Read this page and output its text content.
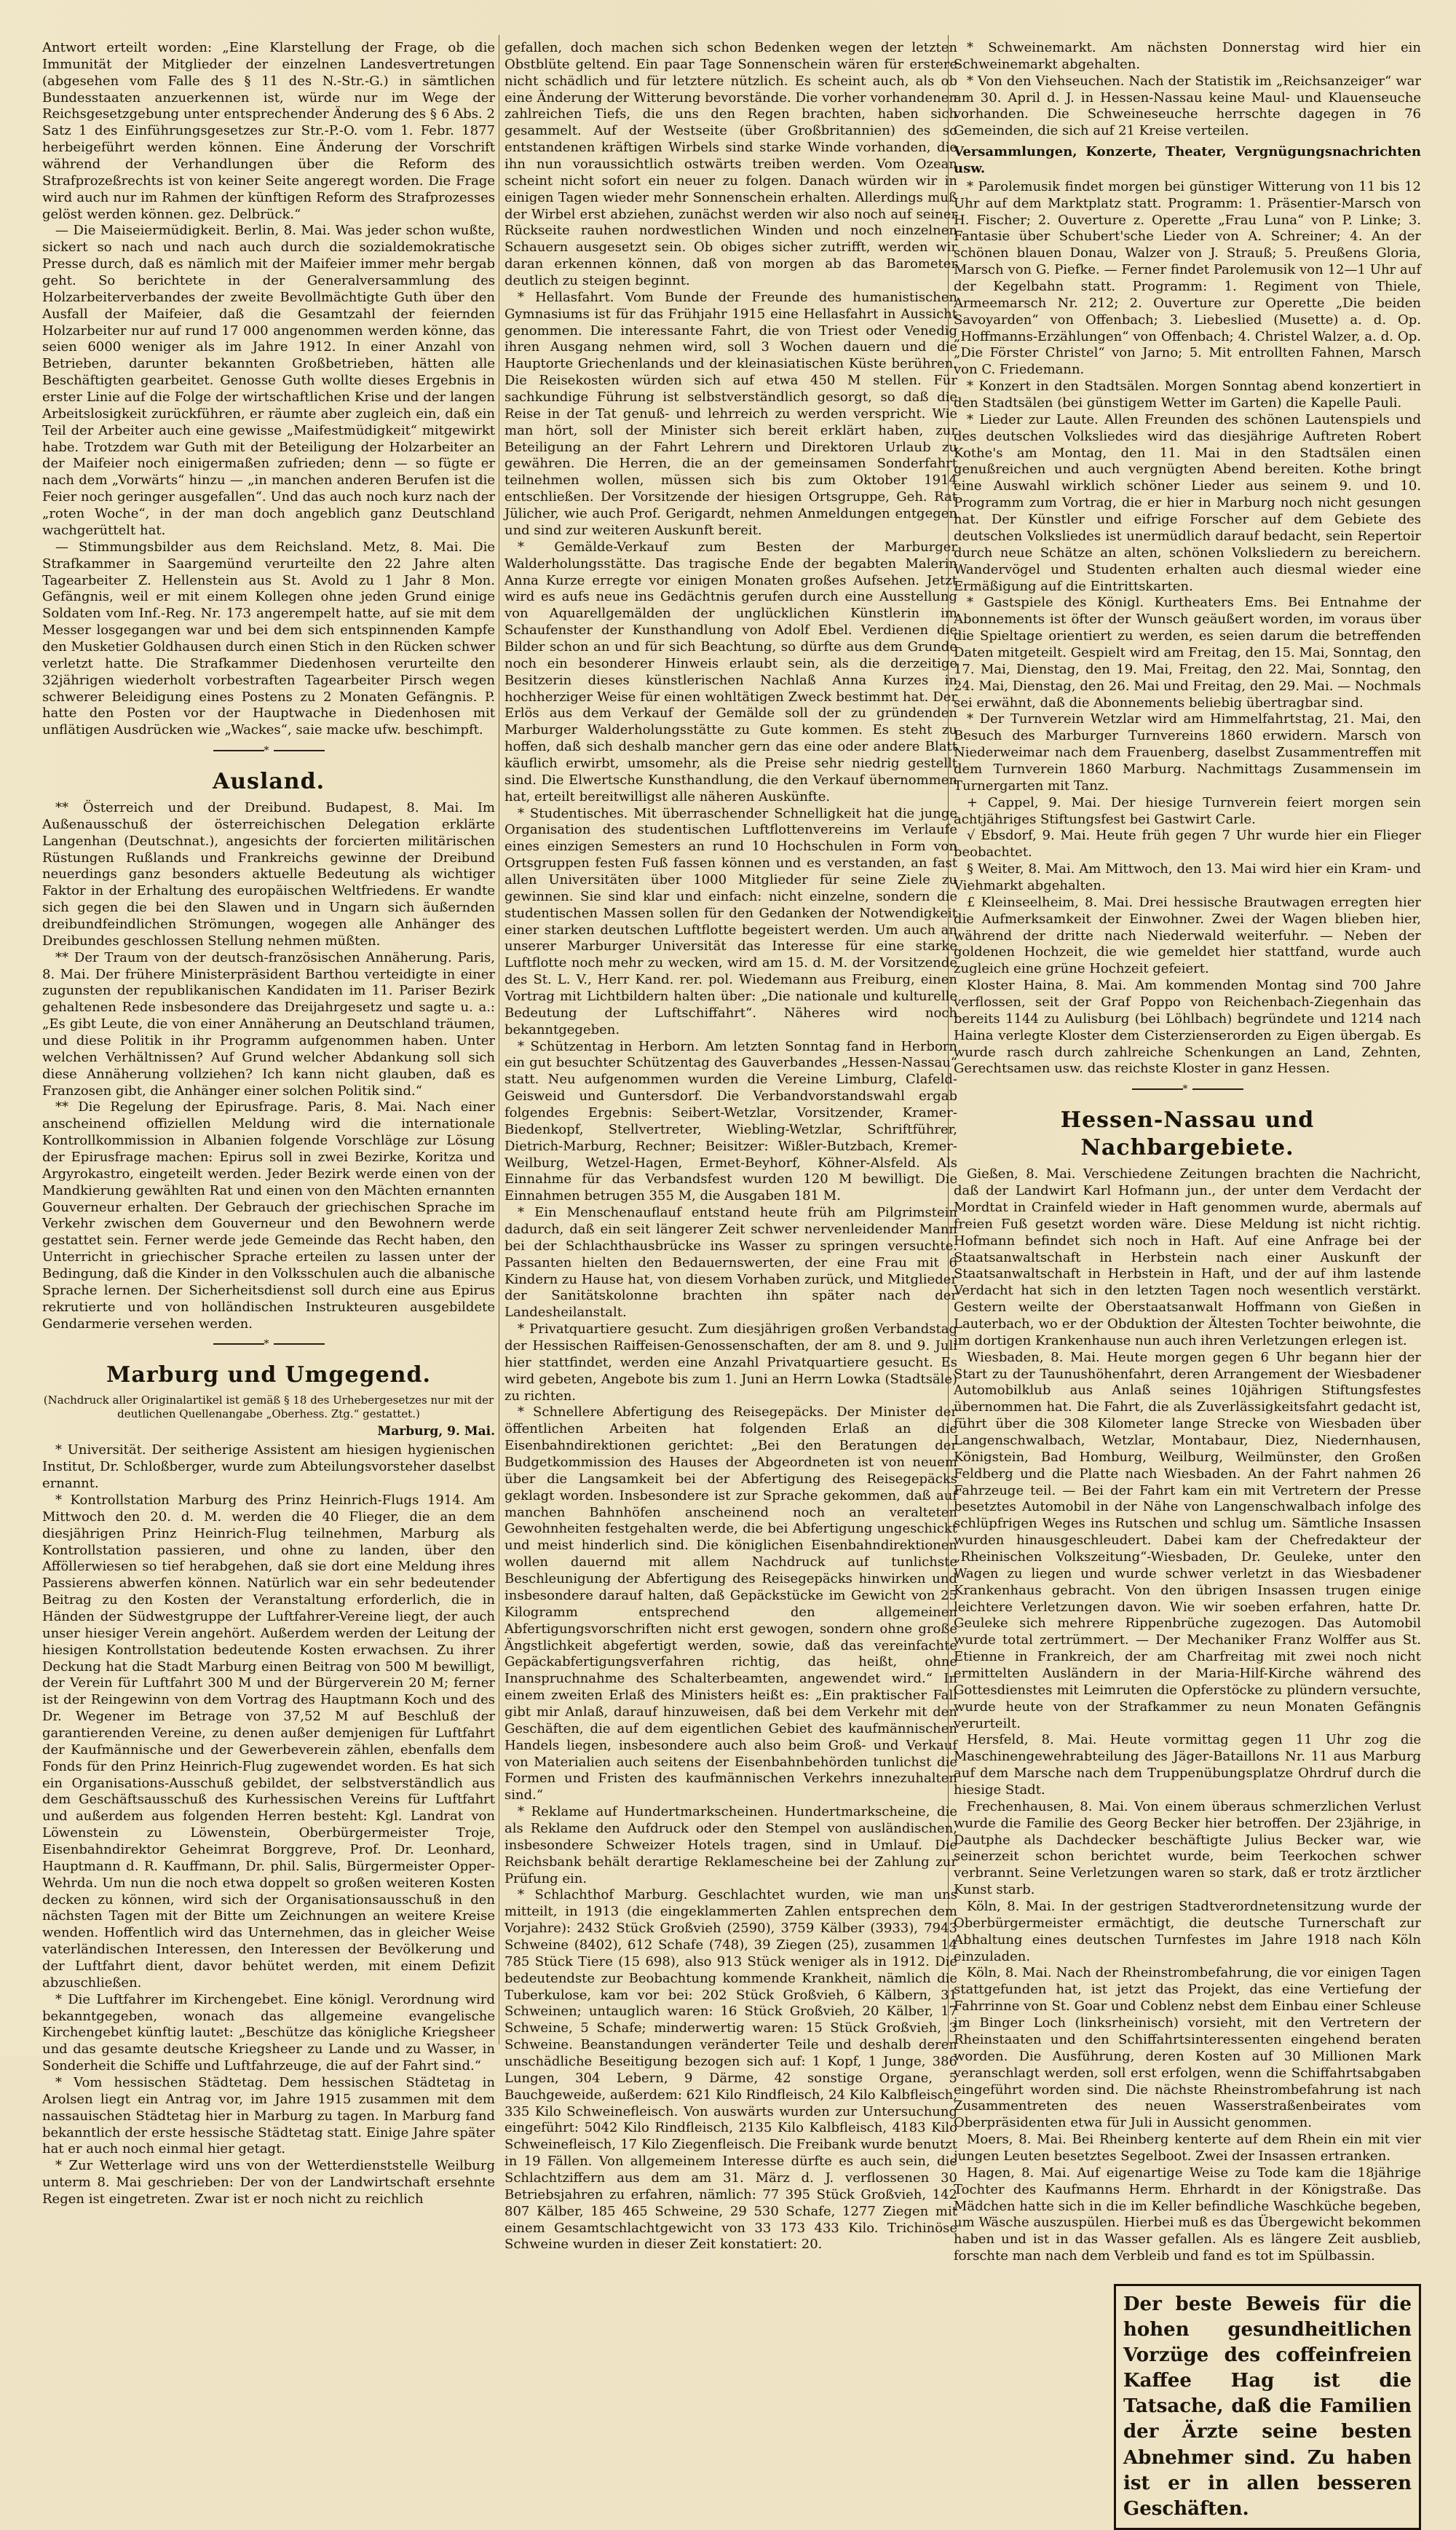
Antwort erteilt worden: „Eine Klarstellung der Frage, ob die Immunität der Mitglieder der einzelnen Landesvertretungen (abgesehen vom Falle des § 11 des N.-Str.-G.) in sämtlichen Bundesstaaten anzuerkennen ist, würde nur im Wege der Reichsgesetzgebung unter entsprechender Änderung des § 6 Abs. 2 Satz 1 des Einführungsgesetzes zur Str.-P.-O. vom 1. Febr. 1877 herbeigeführt werden können. Eine Änderung der Vorschrift während der Verhandlungen über die Reform des Strafprozeßrechts ist von keiner Seite angeregt worden. Die Frage wird auch nur im Rahmen der künftigen Reform des Strafprozesses gelöst werden können. gez. Delbrück.“

— Die Maiseiermüdigkeit. Berlin, 8. Mai. Was jeder schon wußte, sickert so nach und nach auch durch die sozialdemokratische Presse durch, daß es nämlich mit der Maifeier immer mehr bergab geht. So berichtete in der Generalversammlung des Holzarbeiterverbandes der zweite Bevollmächtigte Guth über den Ausfall der Maifeier, daß die Gesamtzahl der feiernden Holzarbeiter nur auf rund 17 000 angenommen werden könne, das seien 6000 weniger als im Jahre 1912. In einer Anzahl von Betrieben, darunter bekannten Großbetrieben, hätten alle Beschäftigten gearbeitet. Genosse Guth wollte dieses Ergebnis in erster Linie auf die Folge der wirtschaftlichen Krise und der langen Arbeitslosigkeit zurückführen, er räumte aber zugleich ein, daß ein Teil der Arbeiter auch eine gewisse „Maifestmüdigkeit“ mitgewirkt habe. Trotzdem war Guth mit der Beteiligung der Holzarbeiter an der Maifeier noch einigermaßen zufrieden; denn — so fügte er nach dem „Vorwärts“ hinzu — „in manchen anderen Berufen ist die Feier noch geringer ausgefallen“. Und das auch noch kurz nach der „roten Woche“, in der man doch angeblich ganz Deutschland wachgerüttelt hat.

— Stimmungsbilder aus dem Reichsland. Metz, 8. Mai. Die Strafkammer in Saargemünd verurteilte den 22 Jahre alten Tagearbeiter Z. Hellenstein aus St. Avold zu 1 Jahr 8 Mon. Gefängnis, weil er mit einem Kollegen ohne jeden Grund einige Soldaten vom Inf.-Reg. Nr. 173 angerempelt hatte, auf sie mit dem Messer losgegangen war und bei dem sich entspinnenden Kampfe den Musketier Goldhausen durch einen Stich in den Rücken schwer verletzt hatte. Die Strafkammer Diedenhosen verurteilte den 32jährigen wiederholt vorbestraften Tagearbeiter Pirsch wegen schwerer Beleidigung eines Postens zu 2 Monaten Gefängnis. P. hatte den Posten vor der Hauptwache in Diedenhosen mit unflätigen Ausdrücken wie „Wackes“, saie macke ufw. beschimpft.

*
Ausland.

** Österreich und der Dreibund. Budapest, 8. Mai. Im Außenausschuß der österreichischen Delegation erklärte Langenhan (Deutschnat.), angesichts der forcierten militärischen Rüstungen Rußlands und Frankreichs gewinne der Dreibund neuerdings ganz besonders aktuelle Bedeutung als wichtiger Faktor in der Erhaltung des europäischen Weltfriedens. Er wandte sich gegen die bei den Slawen und in Ungarn sich äußernden dreibundfeindlichen Strömungen, wogegen alle Anhänger des Dreibundes geschlossen Stellung nehmen müßten.

** Der Traum von der deutsch-französischen Annäherung. Paris, 8. Mai. Der frühere Ministerpräsident Barthou verteidigte in einer zugunsten der republikanischen Kandidaten im 11. Pariser Bezirk gehaltenen Rede insbesondere das Dreijahrgesetz und sagte u. a.: „Es gibt Leute, die von einer Annäherung an Deutschland träumen, und diese Politik in ihr Programm aufgenommen haben. Unter welchen Verhältnissen? Auf Grund welcher Abdankung soll sich diese Annäherung vollziehen? Ich kann nicht glauben, daß es Franzosen gibt, die Anhänger einer solchen Politik sind.“

** Die Regelung der Epirusfrage. Paris, 8. Mai. Nach einer anscheinend offiziellen Meldung wird die internationale Kontrollkommission in Albanien folgende Vorschläge zur Lösung der Epirusfrage machen: Epirus soll in zwei Bezirke, Koritza und Argyrokastro, eingeteilt werden. Jeder Bezirk werde einen von der Mandkierung gewählten Rat und einen von den Mächten ernannten Gouverneur erhalten. Der Gebrauch der griechischen Sprache im Verkehr zwischen dem Gouverneur und den Bewohnern werde gestattet sein. Ferner werde jede Gemeinde das Recht haben, den Unterricht in griechischer Sprache erteilen zu lassen unter der Bedingung, daß die Kinder in den Volksschulen auch die albanische Sprache lernen. Der Sicherheitsdienst soll durch eine aus Epirus rekrutierte und von holländischen Instrukteuren ausgebildete Gendarmerie versehen werden.

*
Marburg und Umgegend.
(Nachdruck aller Originalartikel ist gemäß § 18 des Urhebergesetzes nur mit der deutlichen Quellenangabe „Oberhess. Ztg.“ gestattet.)
Marburg, 9. Mai.

* Universität. Der seitherige Assistent am hiesigen hygienischen Institut, Dr. Schloßberger, wurde zum Abteilungsvorsteher daselbst ernannt.

* Kontrollstation Marburg des Prinz Heinrich-Flugs 1914. Am Mittwoch den 20. d. M. werden die 40 Flieger, die an dem diesjährigen Prinz Heinrich-Flug teilnehmen, Marburg als Kontrollstation passieren, und ohne zu landen, über den Afföllerwiesen so tief herabgehen, daß sie dort eine Meldung ihres Passierens abwerfen können. Natürlich war ein sehr bedeutender Beitrag zu den Kosten der Veranstaltung erforderlich, die in Händen der Südwestgruppe der Luftfahrer-Vereine liegt, der auch unser hiesiger Verein angehört. Außerdem werden der Leitung der hiesigen Kontrollstation bedeutende Kosten erwachsen. Zu ihrer Deckung hat die Stadt Marburg einen Beitrag von 500 M bewilligt, der Verein für Luftfahrt 300 M und der Bürgerverein 20 M; ferner ist der Reingewinn von dem Vortrag des Hauptmann Koch und des Dr. Wegener im Betrage von 37,52 M auf Beschluß der garantierenden Vereine, zu denen außer demjenigen für Luftfahrt der Kaufmännische und der Gewerbeverein zählen, ebenfalls dem Fonds für den Prinz Heinrich-Flug zugewendet worden. Es hat sich ein Organisations-Ausschuß gebildet, der selbstverständlich aus dem Geschäftsausschuß des Kurhessischen Vereins für Luftfahrt und außerdem aus folgenden Herren besteht: Kgl. Landrat von Löwenstein zu Löwenstein, Oberbürgermeister Troje, Eisenbahndirektor Geheimrat Borggreve, Prof. Dr. Leonhard, Hauptmann d. R. Kauffmann, Dr. phil. Salis, Bürgermeister Opper-Wehrda. Um nun die noch etwa doppelt so großen weiteren Kosten decken zu können, wird sich der Organisationsausschuß in den nächsten Tagen mit der Bitte um Zeichnungen an weitere Kreise wenden. Hoffentlich wird das Unternehmen, das in gleicher Weise vaterländischen Interessen, den Interessen der Bevölkerung und der Luftfahrt dient, davor behütet werden, mit einem Defizit abzuschließen.

* Die Luftfahrer im Kirchengebet. Eine königl. Verordnung wird bekanntgegeben, wonach das allgemeine evangelische Kirchengebet künftig lautet: „Beschütze das königliche Kriegsheer und das gesamte deutsche Kriegsheer zu Lande und zu Wasser, in Sonderheit die Schiffe und Luftfahrzeuge, die auf der Fahrt sind.“

* Vom hessischen Städtetag. Dem hessischen Städtetag in Arolsen liegt ein Antrag vor, im Jahre 1915 zusammen mit dem nassauischen Städtetag hier in Marburg zu tagen. In Marburg fand bekanntlich der erste hessische Städtetag statt. Einige Jahre später hat er auch noch einmal hier getagt.

* Zur Wetterlage wird uns von der Wetterdienststelle Weilburg unterm 8. Mai geschrieben: Der von der Landwirtschaft ersehnte Regen ist eingetreten. Zwar ist er noch nicht zu reichlich

gefallen, doch machen sich schon Bedenken wegen der letzten Obstblüte geltend. Ein paar Tage Sonnenschein wären für erstere nicht schädlich und für letztere nützlich. Es scheint auch, als ob eine Änderung der Witterung bevorstände. Die vorher vorhandenen zahlreichen Tiefs, die uns den Regen brachten, haben sich gesammelt. Auf der Westseite (über Großbritannien) des so entstandenen kräftigen Wirbels sind starke Winde vorhanden, die ihn nun voraussichtlich ostwärts treiben werden. Vom Ozean scheint nicht sofort ein neuer zu folgen. Danach würden wir in einigen Tagen wieder mehr Sonnenschein erhalten. Allerdings muß der Wirbel erst abziehen, zunächst werden wir also noch auf seiner Rückseite rauhen nordwestlichen Winden und noch einzelnen Schauern ausgesetzt sein. Ob obiges sicher zutrifft, werden wir daran erkennen können, daß von morgen ab das Barometer deutlich zu steigen beginnt.

* Hellasfahrt. Vom Bunde der Freunde des humanistischen Gymnasiums ist für das Frühjahr 1915 eine Hellasfahrt in Aussicht genommen. Die interessante Fahrt, die von Triest oder Venedig ihren Ausgang nehmen wird, soll 3 Wochen dauern und die Hauptorte Griechenlands und der kleinasiatischen Küste berühren. Die Reisekosten würden sich auf etwa 450 M stellen. Für sachkundige Führung ist selbstverständlich gesorgt, so daß die Reise in der Tat genuß- und lehrreich zu werden verspricht. Wie man hört, soll der Minister sich bereit erklärt haben, zur Beteiligung an der Fahrt Lehrern und Direktoren Urlaub zu gewähren. Die Herren, die an der gemeinsamen Sonderfahrt teilnehmen wollen, müssen sich bis zum Oktober 1914 entschließen. Der Vorsitzende der hiesigen Ortsgruppe, Geh. Rat Jülicher, wie auch Prof. Gerigardt, nehmen Anmeldungen entgegen und sind zur weiteren Auskunft bereit.

* Gemälde-Verkauf zum Besten der Marburger Walderholungsstätte. Das tragische Ende der begabten Malerin Anna Kurze erregte vor einigen Monaten großes Aufsehen. Jetzt wird es aufs neue ins Gedächtnis gerufen durch eine Ausstellung von Aquarellgemälden der unglücklichen Künstlerin im Schaufenster der Kunsthandlung von Adolf Ebel. Verdienen die Bilder schon an und für sich Beachtung, so dürfte aus dem Grunde noch ein besonderer Hinweis erlaubt sein, als die derzeitige Besitzerin dieses künstlerischen Nachlaß Anna Kurzes in hochherziger Weise für einen wohltätigen Zweck bestimmt hat. Der Erlös aus dem Verkauf der Gemälde soll der zu gründenden Marburger Walderholungsstätte zu Gute kommen. Es steht zu hoffen, daß sich deshalb mancher gern das eine oder andere Blatt käuflich erwirbt, umsomehr, als die Preise sehr niedrig gestellt sind. Die Elwertsche Kunsthandlung, die den Verkauf übernommen hat, erteilt bereitwilligst alle näheren Auskünfte.

* Studentisches. Mit überraschender Schnelligkeit hat die junge Organisation des studentischen Luftflottenvereins im Verlaufe eines einzigen Semesters an rund 10 Hochschulen in Form von Ortsgruppen festen Fuß fassen können und es verstanden, an fast allen Universitäten über 1000 Mitglieder für seine Ziele zu gewinnen. Sie sind klar und einfach: nicht einzelne, sondern die studentischen Massen sollen für den Gedanken der Notwendigkeit einer starken deutschen Luftflotte begeistert werden. Um auch an unserer Marburger Universität das Interesse für eine starke Luftflotte noch mehr zu wecken, wird am 15. d. M. der Vorsitzende des St. L. V., Herr Kand. rer. pol. Wiedemann aus Freiburg, einen Vortrag mit Lichtbildern halten über: „Die nationale und kulturelle Bedeutung der Luftschiffahrt“. Näheres wird noch bekanntgegeben.

* Schützentag in Herborn. Am letzten Sonntag fand in Herborn ein gut besuchter Schützentag des Gauverbandes „Hessen-Nassau“ statt. Neu aufgenommen wurden die Vereine Limburg, Clafeld-Geisweid und Guntersdorf. Die Verbandvorstandswahl ergab folgendes Ergebnis: Seibert-Wetzlar, Vorsitzender, Kramer-Biedenkopf, Stellvertreter, Wiebling-Wetzlar, Schriftführer, Dietrich-Marburg, Rechner; Beisitzer: Wißler-Butzbach, Kremer-Weilburg, Wetzel-Hagen, Ermet-Beyhorf, Köhner-Alsfeld. Als Einnahme für das Verbandsfest wurden 120 M bewilligt. Die Einnahmen betrugen 355 M, die Ausgaben 181 M.

* Ein Menschenauflauf entstand heute früh am Pilgrimstein dadurch, daß ein seit längerer Zeit schwer nervenleidender Mann bei der Schlachthausbrücke ins Wasser zu springen versuchte. Passanten hielten den Bedauernswerten, der eine Frau mit 6 Kindern zu Hause hat, von diesem Vorhaben zurück, und Mitglieder der Sanitätskolonne brachten ihn später nach der Landesheilanstalt.

* Privatquartiere gesucht. Zum diesjährigen großen Verbandstag der Hessischen Raiffeisen-Genossenschaften, der am 8. und 9. Juli hier stattfindet, werden eine Anzahl Privatquartiere gesucht. Es wird gebeten, Angebote bis zum 1. Juni an Herrn Lowka (Stadtsäle) zu richten.

* Schnellere Abfertigung des Reisegepäcks. Der Minister der öffentlichen Arbeiten hat folgenden Erlaß an die Eisenbahndirektionen gerichtet: „Bei den Beratungen der Budgetkommission des Hauses der Abgeordneten ist von neuem über die Langsamkeit bei der Abfertigung des Reisegepäcks geklagt worden. Insbesondere ist zur Sprache gekommen, daß auf manchen Bahnhöfen anscheinend noch an veralteten Gewohnheiten festgehalten werde, die bei Abfertigung ungeschickt und meist hinderlich sind. Die königlichen Eisenbahndirektionen wollen dauernd mit allem Nachdruck auf tunlichste Beschleunigung der Abfertigung des Reisegepäcks hinwirken und insbesondere darauf halten, daß Gepäckstücke im Gewicht von 25 Kilogramm entsprechend den allgemeinen Abfertigungsvorschriften nicht erst gewogen, sondern ohne große Ängstlichkeit abgefertigt werden, sowie, daß das vereinfachte Gepäckabfertigungsverfahren richtig, das heißt, ohne Inanspruchnahme des Schalterbeamten, angewendet wird.“ In einem zweiten Erlaß des Ministers heißt es: „Ein praktischer Fall gibt mir Anlaß, darauf hinzuweisen, daß bei dem Verkehr mit den Geschäften, die auf dem eigentlichen Gebiet des kaufmännischen Handels liegen, insbesondere auch also beim Groß- und Verkauf von Materialien auch seitens der Eisenbahnbehörden tunlichst die Formen und Fristen des kaufmännischen Verkehrs innezuhalten sind.“

* Reklame auf Hundertmarkscheinen. Hundertmarkscheine, die als Reklame den Aufdruck oder den Stempel von ausländischen, insbesondere Schweizer Hotels tragen, sind in Umlauf. Die Reichsbank behält derartige Reklamescheine bei der Zahlung zur Prüfung ein.

* Schlachthof Marburg. Geschlachtet wurden, wie man uns mitteilt, in 1913 (die eingeklammerten Zahlen entsprechen dem Vorjahre): 2432 Stück Großvieh (2590), 3759 Kälber (3933), 7943 Schweine (8402), 612 Schafe (748), 39 Ziegen (25), zusammen 14 785 Stück Tiere (15 698), also 913 Stück weniger als in 1912. Die bedeutendste zur Beobachtung kommende Krankheit, nämlich die Tuberkulose, kam vor bei: 202 Stück Großvieh, 6 Kälbern, 31 Schweinen; untauglich waren: 16 Stück Großvieh, 20 Kälber, 17 Schweine, 5 Schafe; minderwertig waren: 15 Stück Großvieh, 3 Schweine. Beanstandungen veränderter Teile und deshalb deren unschädliche Beseitigung bezogen sich auf: 1 Kopf, 1 Junge, 386 Lungen, 304 Lebern, 9 Därme, 42 sonstige Organe, 5 Bauchgeweide, außerdem: 621 Kilo Rindfleisch, 24 Kilo Kalbfleisch, 335 Kilo Schweinefleisch. Von auswärts wurden zur Untersuchung eingeführt: 5042 Kilo Rindfleisch, 2135 Kilo Kalbfleisch, 4183 Kilo Schweinefleisch, 17 Kilo Ziegenfleisch. Die Freibank wurde benutzt in 19 Fällen. Von allgemeinem Interesse dürfte es auch sein, die Schlachtziffern aus dem am 31. März d. J. verflossenen 30 Betriebsjahren zu erfahren, nämlich: 77 395 Stück Großvieh, 142 807 Kälber, 185 465 Schweine, 29 530 Schafe, 1277 Ziegen mit einem Gesamtschlachtgewicht von 33 173 433 Kilo. Trichinöse Schweine wurden in dieser Zeit konstatiert: 20.

* Schweinemarkt. Am nächsten Donnerstag wird hier ein Schweinemarkt abgehalten.

* Von den Viehseuchen. Nach der Statistik im „Reichsanzeiger“ war am 30. April d. J. in Hessen-Nassau keine Maul- und Klauenseuche vorhanden. Die Schweineseuche herrschte dagegen in 76 Gemeinden, die sich auf 21 Kreise verteilen.

Versammlungen, Konzerte, Theater, Vergnügungsnachrichten usw.

* Parolemusik findet morgen bei günstiger Witterung von 11 bis 12 Uhr auf dem Marktplatz statt. Programm: 1. Präsentier-Marsch von H. Fischer; 2. Ouverture z. Operette „Frau Luna“ von P. Linke; 3. Fantasie über Schubert'sche Lieder von A. Schreiner; 4. An der schönen blauen Donau, Walzer von J. Strauß; 5. Preußens Gloria, Marsch von G. Piefke. — Ferner findet Parolemusik von 12—1 Uhr auf der Kegelbahn statt. Programm: 1. Regiment von Thiele, Armeemarsch Nr. 212; 2. Ouverture zur Operette „Die beiden Savoyarden“ von Offenbach; 3. Liebeslied (Musette) a. d. Op. „Hoffmanns-Erzählungen“ von Offenbach; 4. Christel Walzer, a. d. Op. „Die Förster Christel“ von Jarno; 5. Mit entrollten Fahnen, Marsch von C. Friedemann.

* Konzert in den Stadtsälen. Morgen Sonntag abend konzertiert in den Stadtsälen (bei günstigem Wetter im Garten) die Kapelle Pauli.

* Lieder zur Laute. Allen Freunden des schönen Lautenspiels und des deutschen Volksliedes wird das diesjährige Auftreten Robert Kothe's am Montag, den 11. Mai in den Stadtsälen einen genußreichen und auch vergnügten Abend bereiten. Kothe bringt eine Auswahl wirklich schöner Lieder aus seinem 9. und 10. Programm zum Vortrag, die er hier in Marburg noch nicht gesungen hat. Der Künstler und eifrige Forscher auf dem Gebiete des deutschen Volksliedes ist unermüdlich darauf bedacht, sein Repertoir durch neue Schätze an alten, schönen Volksliedern zu bereichern. Wandervögel und Studenten erhalten auch diesmal wieder eine Ermäßigung auf die Eintrittskarten.

* Gastspiele des Königl. Kurtheaters Ems. Bei Entnahme der Abonnements ist öfter der Wunsch geäußert worden, im voraus über die Spieltage orientiert zu werden, es seien darum die betreffenden Daten mitgeteilt. Gespielt wird am Freitag, den 15. Mai, Sonntag, den 17. Mai, Dienstag, den 19. Mai, Freitag, den 22. Mai, Sonntag, den 24. Mai, Dienstag, den 26. Mai und Freitag, den 29. Mai. — Nochmals sei erwähnt, daß die Abonnements beliebig übertragbar sind.

* Der Turnverein Wetzlar wird am Himmelfahrtstag, 21. Mai, den Besuch des Marburger Turnvereins 1860 erwidern. Marsch von Niederweimar nach dem Frauenberg, daselbst Zusammentreffen mit dem Turnverein 1860 Marburg. Nachmittags Zusammensein im Turnergarten mit Tanz.

+ Cappel, 9. Mai. Der hiesige Turnverein feiert morgen sein achtjähriges Stiftungsfest bei Gastwirt Carle.

√ Ebsdorf, 9. Mai. Heute früh gegen 7 Uhr wurde hier ein Flieger beobachtet.

§ Weiter, 8. Mai. Am Mittwoch, den 13. Mai wird hier ein Kram- und Viehmarkt abgehalten.

£ Kleinseelheim, 8. Mai. Drei hessische Brautwagen erregten hier die Aufmerksamkeit der Einwohner. Zwei der Wagen blieben hier, während der dritte nach Niederwald weiterfuhr. — Neben der goldenen Hochzeit, die wie gemeldet hier stattfand, wurde auch zugleich eine grüne Hochzeit gefeiert.

Kloster Haina, 8. Mai. Am kommenden Montag sind 700 Jahre verflossen, seit der Graf Poppo von Reichenbach-Ziegenhain das bereits 1144 zu Aulisburg (bei Löhlbach) begründete und 1214 nach Haina verlegte Kloster dem Cisterzienserorden zu Eigen übergab. Es wurde rasch durch zahlreiche Schenkungen an Land, Zehnten, Gerechtsamen usw. das reichste Kloster in ganz Hessen.

*
Hessen-Nassau und Nachbargebiete.

Gießen, 8. Mai. Verschiedene Zeitungen brachten die Nachricht, daß der Landwirt Karl Hofmann jun., der unter dem Verdacht der Mordtat in Crainfeld wieder in Haft genommen wurde, abermals auf freien Fuß gesetzt worden wäre. Diese Meldung ist nicht richtig. Hofmann befindet sich noch in Haft. Auf eine Anfrage bei der Staatsanwaltschaft in Herbstein nach einer Auskunft der Staatsanwaltschaft in Herbstein in Haft, und der auf ihm lastende Verdacht hat sich in den letzten Tagen noch wesentlich verstärkt. Gestern weilte der Oberstaatsanwalt Hoffmann von Gießen in Lauterbach, wo er der Obduktion der Ältesten Tochter beiwohnte, die im dortigen Krankenhause nun auch ihren Verletzungen erlegen ist.

Wiesbaden, 8. Mai. Heute morgen gegen 6 Uhr begann hier der Start zu der Taunushöhenfahrt, deren Arrangement der Wiesbadener Automobilklub aus Anlaß seines 10jährigen Stiftungsfestes übernommen hat. Die Fahrt, die als Zuverlässigkeitsfahrt gedacht ist, führt über die 308 Kilometer lange Strecke von Wiesbaden über Langenschwalbach, Wetzlar, Montabaur, Diez, Niedernhausen, Königstein, Bad Homburg, Weilburg, Weilmünster, den Großen Feldberg und die Platte nach Wiesbaden. An der Fahrt nahmen 26 Fahrzeuge teil. — Bei der Fahrt kam ein mit Vertretern der Presse besetztes Automobil in der Nähe von Langenschwalbach infolge des schlüpfrigen Weges ins Rutschen und schlug um. Sämtliche Insassen wurden hinausgeschleudert. Dabei kam der Chefredakteur der „Rheinischen Volkszeitung“-Wiesbaden, Dr. Geuleke, unter den Wagen zu liegen und wurde schwer verletzt in das Wiesbadener Krankenhaus gebracht. Von den übrigen Insassen trugen einige leichtere Verletzungen davon. Wie wir soeben erfahren, hatte Dr. Geuleke sich mehrere Rippenbrüche zugezogen. Das Automobil wurde total zertrümmert. — Der Mechaniker Franz Wolffer aus St. Etienne in Frankreich, der am Charfreitag mit zwei noch nicht ermittelten Ausländern in der Maria-Hilf-Kirche während des Gottesdienstes mit Leimruten die Opferstöcke zu plündern versuchte, wurde heute von der Strafkammer zu neun Monaten Gefängnis verurteilt.

Hersfeld, 8. Mai. Heute vormittag gegen 11 Uhr zog die Maschinengewehrabteilung des Jäger-Bataillons Nr. 11 aus Marburg auf dem Marsche nach dem Truppenübungsplatze Ohrdruf durch die hiesige Stadt.

Frechenhausen, 8. Mai. Von einem überaus schmerzlichen Verlust wurde die Familie des Georg Becker hier betroffen. Der 23jährige, in Dautphe als Dachdecker beschäftigte Julius Becker war, wie seinerzeit schon berichtet wurde, beim Teerkochen schwer verbrannt. Seine Verletzungen waren so stark, daß er trotz ärztlicher Kunst starb.

Köln, 8. Mai. In der gestrigen Stadtverordnetensitzung wurde der Oberbürgermeister ermächtigt, die deutsche Turnerschaft zur Abhaltung eines deutschen Turnfestes im Jahre 1918 nach Köln einzuladen.

Köln, 8. Mai. Nach der Rheinstrombefahrung, die vor einigen Tagen stattgefunden hat, ist jetzt das Projekt, das eine Vertiefung der Fahrrinne von St. Goar und Coblenz nebst dem Einbau einer Schleuse im Binger Loch (linksrheinisch) vorsieht, mit den Vertretern der Rheinstaaten und den Schiffahrtsinteressenten eingehend beraten worden. Die Ausführung, deren Kosten auf 30 Millionen Mark veranschlagt werden, soll erst erfolgen, wenn die Schiffahrtsabgaben eingeführt worden sind. Die nächste Rheinstrombefahrung ist nach Zusammentreten des neuen Wasserstraßenbeirates vom Oberpräsidenten etwa für Juli in Aussicht genommen.

Moers, 8. Mai. Bei Rheinberg kenterte auf dem Rhein ein mit vier jungen Leuten besetztes Segelboot. Zwei der Insassen ertranken.

Hagen, 8. Mai. Auf eigenartige Weise zu Tode kam die 18jährige Tochter des Kaufmanns Herm. Ehrhardt in der Königstraße. Das Mädchen hatte sich in die im Keller befindliche Waschküche begeben, um Wäsche auszuspülen. Hierbei muß es das Übergewicht bekommen haben und ist in das Wasser gefallen. Als es längere Zeit ausblieb, forschte man nach dem Verbleib und fand es tot im Spülbassin.

Der beste Beweis für die hohen gesundheitlichen Vorzüge des coffeinfreien Kaffee Hag ist die Tatsache, daß die Familien der Ärzte seine besten Abnehmer sind. Zu haben ist er in allen besseren Geschäften.
